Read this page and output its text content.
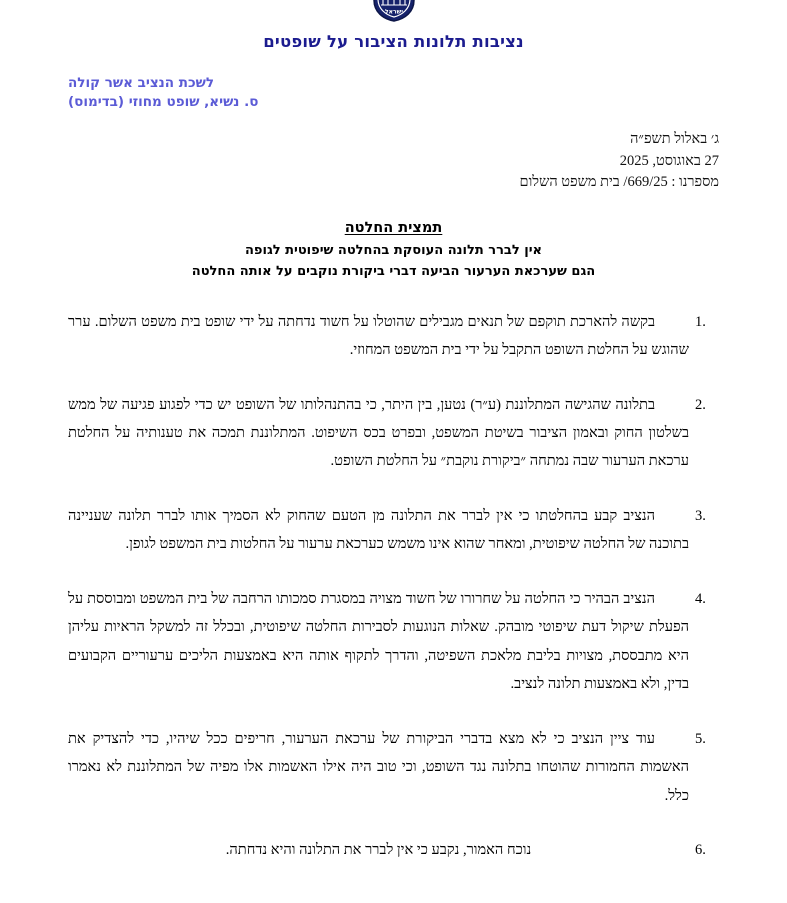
ישראל
נציבות תלונות הציבור על שופטים
לשכת הנציב אשר קולה
ס. נשיא, שופט מחוזי (בדימוס)
ג׳ באלול תשפ״ה
27 באוגוסט, 2025
מספרנו : 669/25/ בית משפט השלום
תמצית החלטה
אין לברר תלונה העוסקת בהחלטה שיפוטית לגופה
הגם שערכאת הערעור הביעה דברי ביקורת נוקבים על אותה החלטה
1.
בקשה להארכת תוקפם של תנאים מגבילים שהוטלו על חשוד נדחתה על ידי שופט בית משפט השלום. ערר שהוגש על החלטת השופט התקבל על ידי בית המשפט המחוזי.
2.
בתלונה שהגישה המתלוננת (ע״ר) נטען, בין היתר, כי בהתנהלותו של השופט יש כדי לפגוע פגיעה של ממש בשלטון החוק ובאמון הציבור בשיטת המשפט, ובפרט בכס השיפוט. המתלוננת תמכה את טענותיה על החלטת ערכאת הערעור שבה נמתחה ״ביקורת נוקבת״ על החלטת השופט.
3.
הנציב קבע בהחלטתו כי אין לברר את התלונה מן הטעם שהחוק לא הסמיך אותו לברר תלונה שעניינה בתוכנה של החלטה שיפוטית, ומאחר שהוא אינו משמש כערכאת ערעור על החלטות בית המשפט לגופן.
4.
הנציב הבהיר כי החלטה על שחרורו של חשוד מצויה במסגרת סמכותו הרחבה של בית המשפט ומבוססת על הפעלת שיקול דעת שיפוטי מובהק. שאלות הנוגעות לסבירות החלטה שיפוטית, ובכלל זה למשקל הראיות עליהן היא מתבססת, מצויות בליבת מלאכת השפיטה, והדרך לתקוף אותה היא באמצעות הליכים ערעוריים הקבועים בדין, ולא באמצעות תלונה לנציב.
5.
עוד ציין הנציב כי לא מצא בדברי הביקורת של ערכאת הערעור, חריפים ככל שיהיו, כדי להצדיק את האשמות החמורות שהוטחו בתלונה נגד השופט, וכי טוב היה אילו האשמות אלו מפיה של המתלוננת לא נאמרו כלל.
6.
נוכח האמור, נקבע כי אין לברר את התלונה והיא נדחתה.
